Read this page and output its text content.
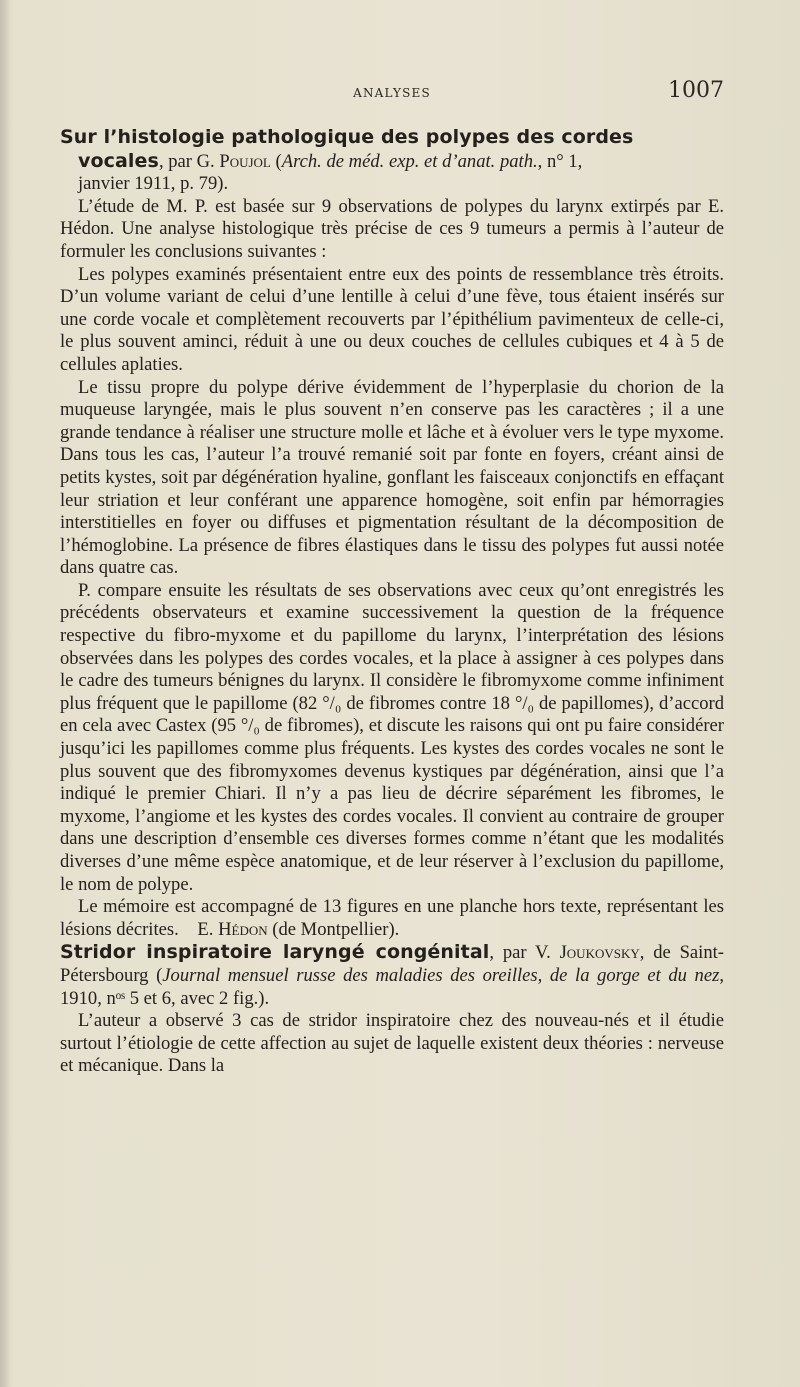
ANALYSES	1007

Sur l’histologie pathologique des polypes des cordes
vocales, par G. Poujol (Arch. de méd. exp. et d’anat. path., n° 1,
janvier 1911, p. 79).

L’étude de M. P. est basée sur 9 observations de polypes du larynx extirpés par E. Hédon. Une analyse histologique très précise de ces 9 tumeurs a permis à l’auteur de formuler les conclusions suivantes :

Les polypes examinés présentaient entre eux des points de ressemblance très étroits. D’un volume variant de celui d’une lentille à celui d’une fève, tous étaient insérés sur une corde vocale et complètement recouverts par l’épithélium pavimenteux de celle-ci, le plus souvent aminci, réduit à une ou deux couches de cellules cubiques et 4 à 5 de cellules aplaties.

Le tissu propre du polype dérive évidemment de l’hyperplasie du chorion de la muqueuse laryngée, mais le plus souvent n’en conserve pas les caractères ; il a une grande tendance à réaliser une structure molle et lâche et à évoluer vers le type myxome. Dans tous les cas, l’auteur l’a trouvé remanié soit par fonte en foyers, créant ainsi de petits kystes, soit par dégénération hyaline, gonflant les faisceaux conjonctifs en effaçant leur striation et leur conférant une apparence homogène, soit enfin par hémorragies interstitielles en foyer ou diffuses et pigmentation résultant de la décomposition de l’hémoglobine. La présence de fibres élastiques dans le tissu des polypes fut aussi notée dans quatre cas.

P. compare ensuite les résultats de ses observations avec ceux qu’ont enregistrés les précédents observateurs et examine successivement la question de la fréquence respective du fibro-myxome et du papillome du larynx, l’interprétation des lésions observées dans les polypes des cordes vocales, et la place à assigner à ces polypes dans le cadre des tumeurs bénignes du larynx. Il considère le fibromyxome comme infiniment plus fréquent que le papillome (82 °/₀ de fibromes contre 18 °/₀ de papillomes), d’accord en cela avec Castex (95 °/₀ de fibromes), et discute les raisons qui ont pu faire considérer jusqu’ici les papillomes comme plus fréquents. Les kystes des cordes vocales ne sont le plus souvent que des fibromyxomes devenus kystiques par dégénération, ainsi que l’a indiqué le premier Chiari. Il n’y a pas lieu de décrire séparément les fibromes, le myxome, l’angiome et les kystes des cordes vocales. Il convient au contraire de grouper dans une description d’ensemble ces diverses formes comme n’étant que les modalités diverses d’une même espèce anatomique, et de leur réserver à l’exclusion du papillome, le nom de polype.

Le mémoire est accompagné de 13 figures en une planche hors texte, représentant les lésions décrites. E. Hédon (de Montpellier).

Stridor inspiratoire laryngé congénital, par V. Joukovsky, de Saint-Pétersbourg (Journal mensuel russe des maladies des oreilles, de la gorge et du nez, 1910, nᵒˢ 5 et 6, avec 2 fig.).

L’auteur a observé 3 cas de stridor inspiratoire chez des nouveau-nés et il étudie surtout l’étiologie de cette affection au sujet de laquelle existent deux théories : nerveuse et mécanique. Dans la
